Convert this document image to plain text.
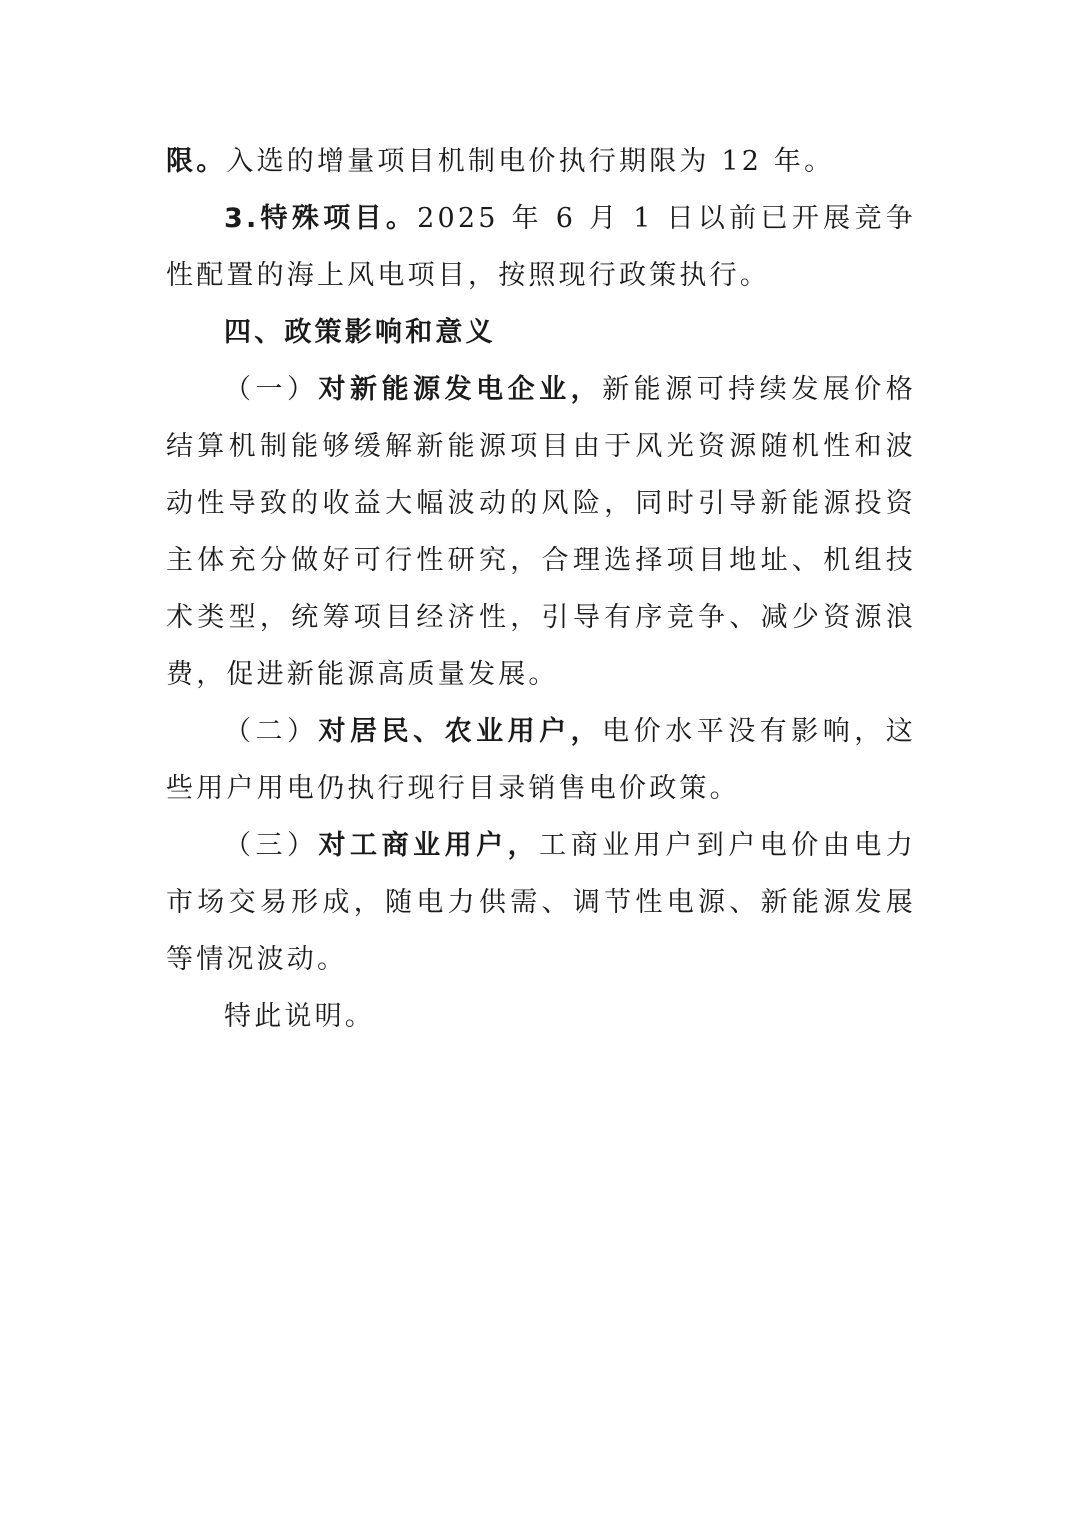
限。入选的增量项目机制电价执行期限为 12 年。

3.特殊项目。2025 年 6 月 1 日以前已开展竞争性配置的海上风电项目，按照现行政策执行。

四、政策影响和意义

（一）对新能源发电企业，新能源可持续发展价格结算机制能够缓解新能源项目由于风光资源随机性和波动性导致的收益大幅波动的风险，同时引导新能源投资主体充分做好可行性研究，合理选择项目地址、机组技术类型，统筹项目经济性，引导有序竞争、减少资源浪费，促进新能源高质量发展。

（二）对居民、农业用户，电价水平没有影响，这些用户用电仍执行现行目录销售电价政策。

（三）对工商业用户，工商业用户到户电价由电力市场交易形成，随电力供需、调节性电源、新能源发展等情况波动。

特此说明。
